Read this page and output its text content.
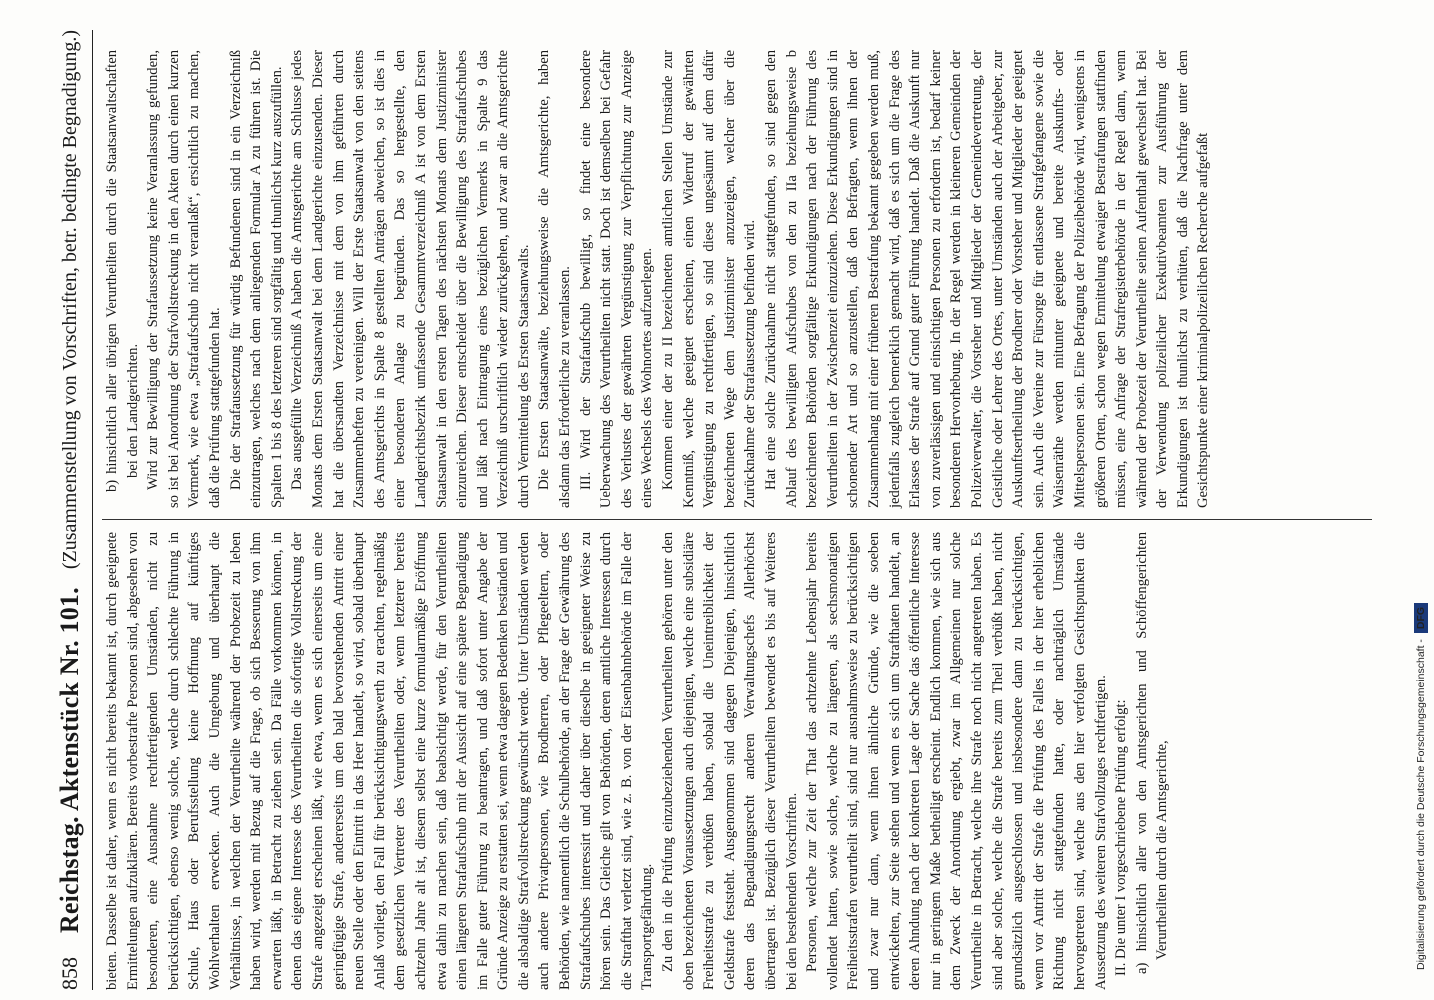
858
Reichstag. Aktenstück Nr. 101.
(Zusammenstellung von Vorschriften, betr. bedingte Begnadigung.)

bieten. Dasselbe ist daher, wenn es nicht bereits bekannt ist, durch geeignete Ermittelungen aufzuklären. Bereits vorbestrafte Personen sind, abgesehen von besonderen, eine Ausnahme rechtfertigenden Umständen, nicht zu berücksichtigen, ebenso wenig solche, welche durch schlechte Führung in Schule, Haus oder Berufsstellung keine Hoffnung auf künftiges Wohlverhalten erwecken. Auch die Umgebung und überhaupt die Verhältnisse, in welchen der Verurtheilte während der Probezeit zu leben haben wird, werden mit Bezug auf die Frage, ob sich Besserung von ihm erwarten läßt, in Betracht zu ziehen sein. Da Fälle vorkommen können, in denen das eigene Interesse des Verurtheilten die sofortige Vollstreckung der Strafe angezeigt erscheinen läßt, wie etwa, wenn es sich einerseits um eine geringfügige Strafe, andererseits um den bald bevorstehenden Antritt einer neuen Stelle oder den Eintritt in das Heer handelt, so wird, sobald überhaupt Anlaß vorliegt, den Fall für berücksichtigungswerth zu erachten, regelmäßig dem gesetzlichen Vertreter des Verurtheilten oder, wenn letzterer bereits achtzehn Jahre alt ist, diesem selbst eine kurze formularmäßige Eröffnung etwa dahin zu machen sein, daß beabsichtigt werde, für den Verurtheilten einen längeren Strafaufschub mit der Aussicht auf eine spätere Begnadigung im Falle guter Führung zu beantragen, und daß sofort unter Angabe der Gründe Anzeige zu erstatten sei, wenn etwa dagegen Bedenken beständen und die alsbaldige Strafvollstreckung gewünscht werde. Unter Umständen werden auch andere Privatpersonen, wie Brodherren, oder Pflegeeltern, oder Behörden, wie namentlich die Schulbehörde, an der Frage der Gewährung des Strafaufschubes interessirt und daher über dieselbe in geeigneter Weise zu hören sein. Das Gleiche gilt von Behörden, deren amtliche Interessen durch die Strafthat verletzt sind, wie z. B. von der Eisenbahnbehörde im Falle der Transportgefährdung. Zu den in die Prüfung einzubeziehenden Verurtheilten gehören unter den oben bezeichneten Voraussetzungen auch diejenigen, welche eine subsidiäre Freiheitsstrafe zu verbüßen haben, sobald die Uneintreiblichkeit der Geldstrafe feststeht. Ausgenommen sind dagegen Diejenigen, hinsichtlich deren das Begnadigungsrecht anderen Verwaltungschefs Allerhöchst übertragen ist. Bezüglich dieser Verurtheilten bewendet es bis auf Weiteres bei den bestehenden Vorschriften. Personen, welche zur Zeit der That das achtzehnte Lebensjahr bereits vollendet hatten, sowie solche, welche zu längeren, als sechsmonatigen Freiheitsstrafen verurtheilt sind, sind nur ausnahmsweise zu berücksichtigen und zwar nur dann, wenn ihnen ähnliche Gründe, wie die soeben entwickelten, zur Seite stehen und wenn es sich um Strafthaten handelt, an deren Ahndung nach der konkreten Lage der Sache das öffentliche Interesse nur in geringem Maße betheiligt erscheint. Endlich kommen, wie sich aus dem Zweck der Anordnung ergiebt, zwar im Allgemeinen nur solche Verurtheilte in Betracht, welche ihre Strafe noch nicht angetreten haben. Es sind aber solche, welche die Strafe bereits zum Theil verbüßt haben, nicht grundsätzlich ausgeschlossen und insbesondere dann zu berücksichtigen, wenn vor Antritt der Strafe die Prüfung des Falles in der hier erheblichen Richtung nicht stattgefunden hatte, oder nachträglich Umstände hervorgetreten sind, welche aus den hier verfolgten Gesichtspunkten die Aussetzung des weiteren Strafvollzuges rechtfertigen. II. Die unter I vorgeschriebene Prüfung erfolgt: a) hinsichtlich aller von den Amtsgerichten und Schöffengerichten Verurtheilten durch die Amtsgerichte,

b) hinsichtlich aller übrigen Verurtheilten durch die Staatsanwaltschaften bei den Landgerichten. Wird zur Bewilligung der Strafaussetzung keine Veranlassung gefunden, so ist bei Anordnung der Strafvollstreckung in den Akten durch einen kurzen Vermerk, wie etwa „Strafaufschub nicht veranlaßt“, ersichtlich zu machen, daß die Prüfung stattgefunden hat. Die der Strafaussetzung für würdig Befundenen sind in ein Verzeichniß einzutragen, welches nach dem anliegenden Formular A zu führen ist. Die Spalten 1 bis 8 des letzteren sind sorgfältig und thunlichst kurz auszufüllen. Das ausgefüllte Verzeichniß A haben die Amtsgerichte am Schlusse jedes Monats dem Ersten Staatsanwalt bei dem Landgerichte einzusenden. Dieser hat die übersandten Verzeichnisse mit dem von ihm geführten durch Zusammenheften zu vereinigen. Will der Erste Staatsanwalt von den seitens des Amtsgerichts in Spalte 8 gestellten Anträgen abweichen, so ist dies in einer besonderen Anlage zu begründen. Das so hergestellte, den Landgerichtsbezirk umfassende Gesammtverzeichniß A ist von dem Ersten Staatsanwalt in den ersten Tagen des nächsten Monats dem Justizminister einzureichen. Dieser entscheidet über die Bewilligung des Strafaufschubes und läßt nach Eintragung eines bezüglichen Vermerks in Spalte 9 das Verzeichniß urschriftlich wieder zurückgehen, und zwar an die Amtsgerichte durch Vermittelung des Ersten Staatsanwalts. Die Ersten Staatsanwälte, beziehungsweise die Amtsgerichte, haben alsdann das Erforderliche zu veranlassen. III. Wird der Strafaufschub bewilligt, so findet eine besondere Ueberwachung des Verurtheilten nicht statt. Doch ist demselben bei Gefahr des Verlustes der gewährten Vergünstigung zur Verpflichtung zur Anzeige eines Wechsels des Wohnortes aufzuerlegen. Kommen einer der zu II bezeichneten amtlichen Stellen Umstände zur Kenntniß, welche geeignet erscheinen, einen Widerruf der gewährten Vergünstigung zu rechtfertigen, so sind diese ungesäumt auf dem dafür bezeichneten Wege dem Justizminister anzuzeigen, welcher über die Zurücknahme der Strafaussetzung befinden wird. Hat eine solche Zurücknahme nicht stattgefunden, so sind gegen den Ablauf des bewilligten Aufschubes von den zu IIa beziehungsweise b bezeichneten Behörden sorgfältige Erkundigungen nach der Führung des Verurtheilten in der Zwischenzeit einzuziehen. Diese Erkundigungen sind in schonender Art und so anzustellen, daß den Befragten, wenn ihnen der Zusammenhang mit einer früheren Bestrafung bekannt gegeben werden muß, jedenfalls zugleich bemerklich gemacht wird, daß es sich um die Frage des Erlasses der Strafe auf Grund guter Führung handelt. Daß die Auskunft nur von zuverlässigen und einsichtigen Personen zu erfordern ist, bedarf keiner besonderen Hervorhebung. In der Regel werden in kleineren Gemeinden der Polizeiverwalter, die Vorsteher und Mitglieder der Gemeindevertretung, der Geistliche oder Lehrer des Ortes, unter Umständen auch der Arbeitgeber, zur Auskunftsertheilung der Brodherr oder Vorsteher und Mitglieder der geeignet sein. Auch die Vereine zur Fürsorge für entlassene Strafgefangene sowie die Waisenräthe werden mitunter geeignete und bereite Auskunfts- oder Mittelspersonen sein. Eine Befragung der Polizeibehörde wird, wenigstens in größeren Orten, schon wegen Ermittelung etwaiger Bestrafungen stattfinden müssen, eine Anfrage der Strafregisterbehörde in der Regel dann, wenn während der Probezeit der Verurtheilte seinen Aufenthalt gewechselt hat. Bei der Verwendung polizeilicher Exekutivbeamten zur Ausführung der Erkundigungen ist thunlichst zu verhüten, daß die Nachfrage unter dem Gesichtspunkte einer kriminalpolizeilichen Recherche aufgefaßt

Digitalisierung gefördert durch die Deutsche Forschungsgemeinschaft -DFG
